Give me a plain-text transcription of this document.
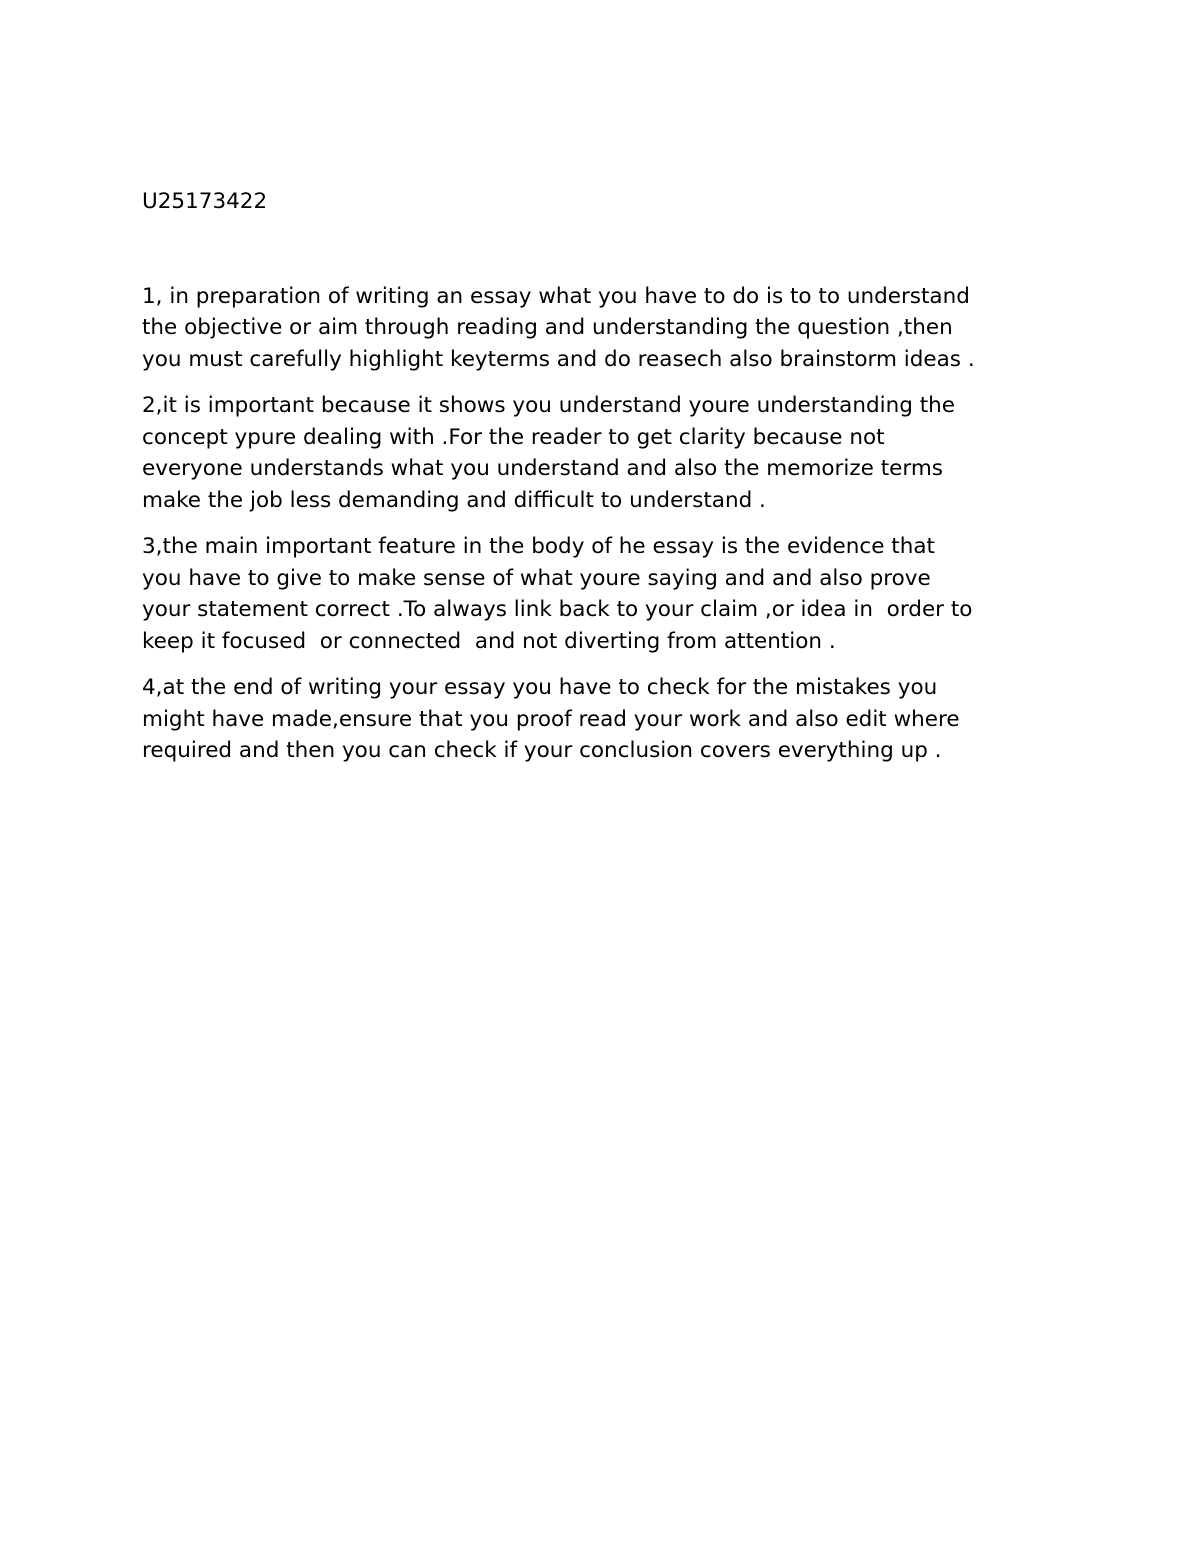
U25173422

1, in preparation of writing an essay what you have to do is to to understand
the objective or aim through reading and understanding the question ,then
you must carefully highlight keyterms and do reasech also brainstorm ideas .

2,it is important because it shows you understand youre understanding the
concept ypure dealing with .For the reader to get clarity because not
everyone understands what you understand and also the memorize terms
make the job less demanding and difficult to understand .

3,the main important feature in the body of he essay is the evidence that
you have to give to make sense of what youre saying and and also prove
your statement correct .To always link back to your claim ,or idea in  order to
keep it focused  or connected  and not diverting from attention .

4,at the end of writing your essay you have to check for the mistakes you
might have made,ensure that you proof read your work and also edit where
required and then you can check if your conclusion covers everything up .
